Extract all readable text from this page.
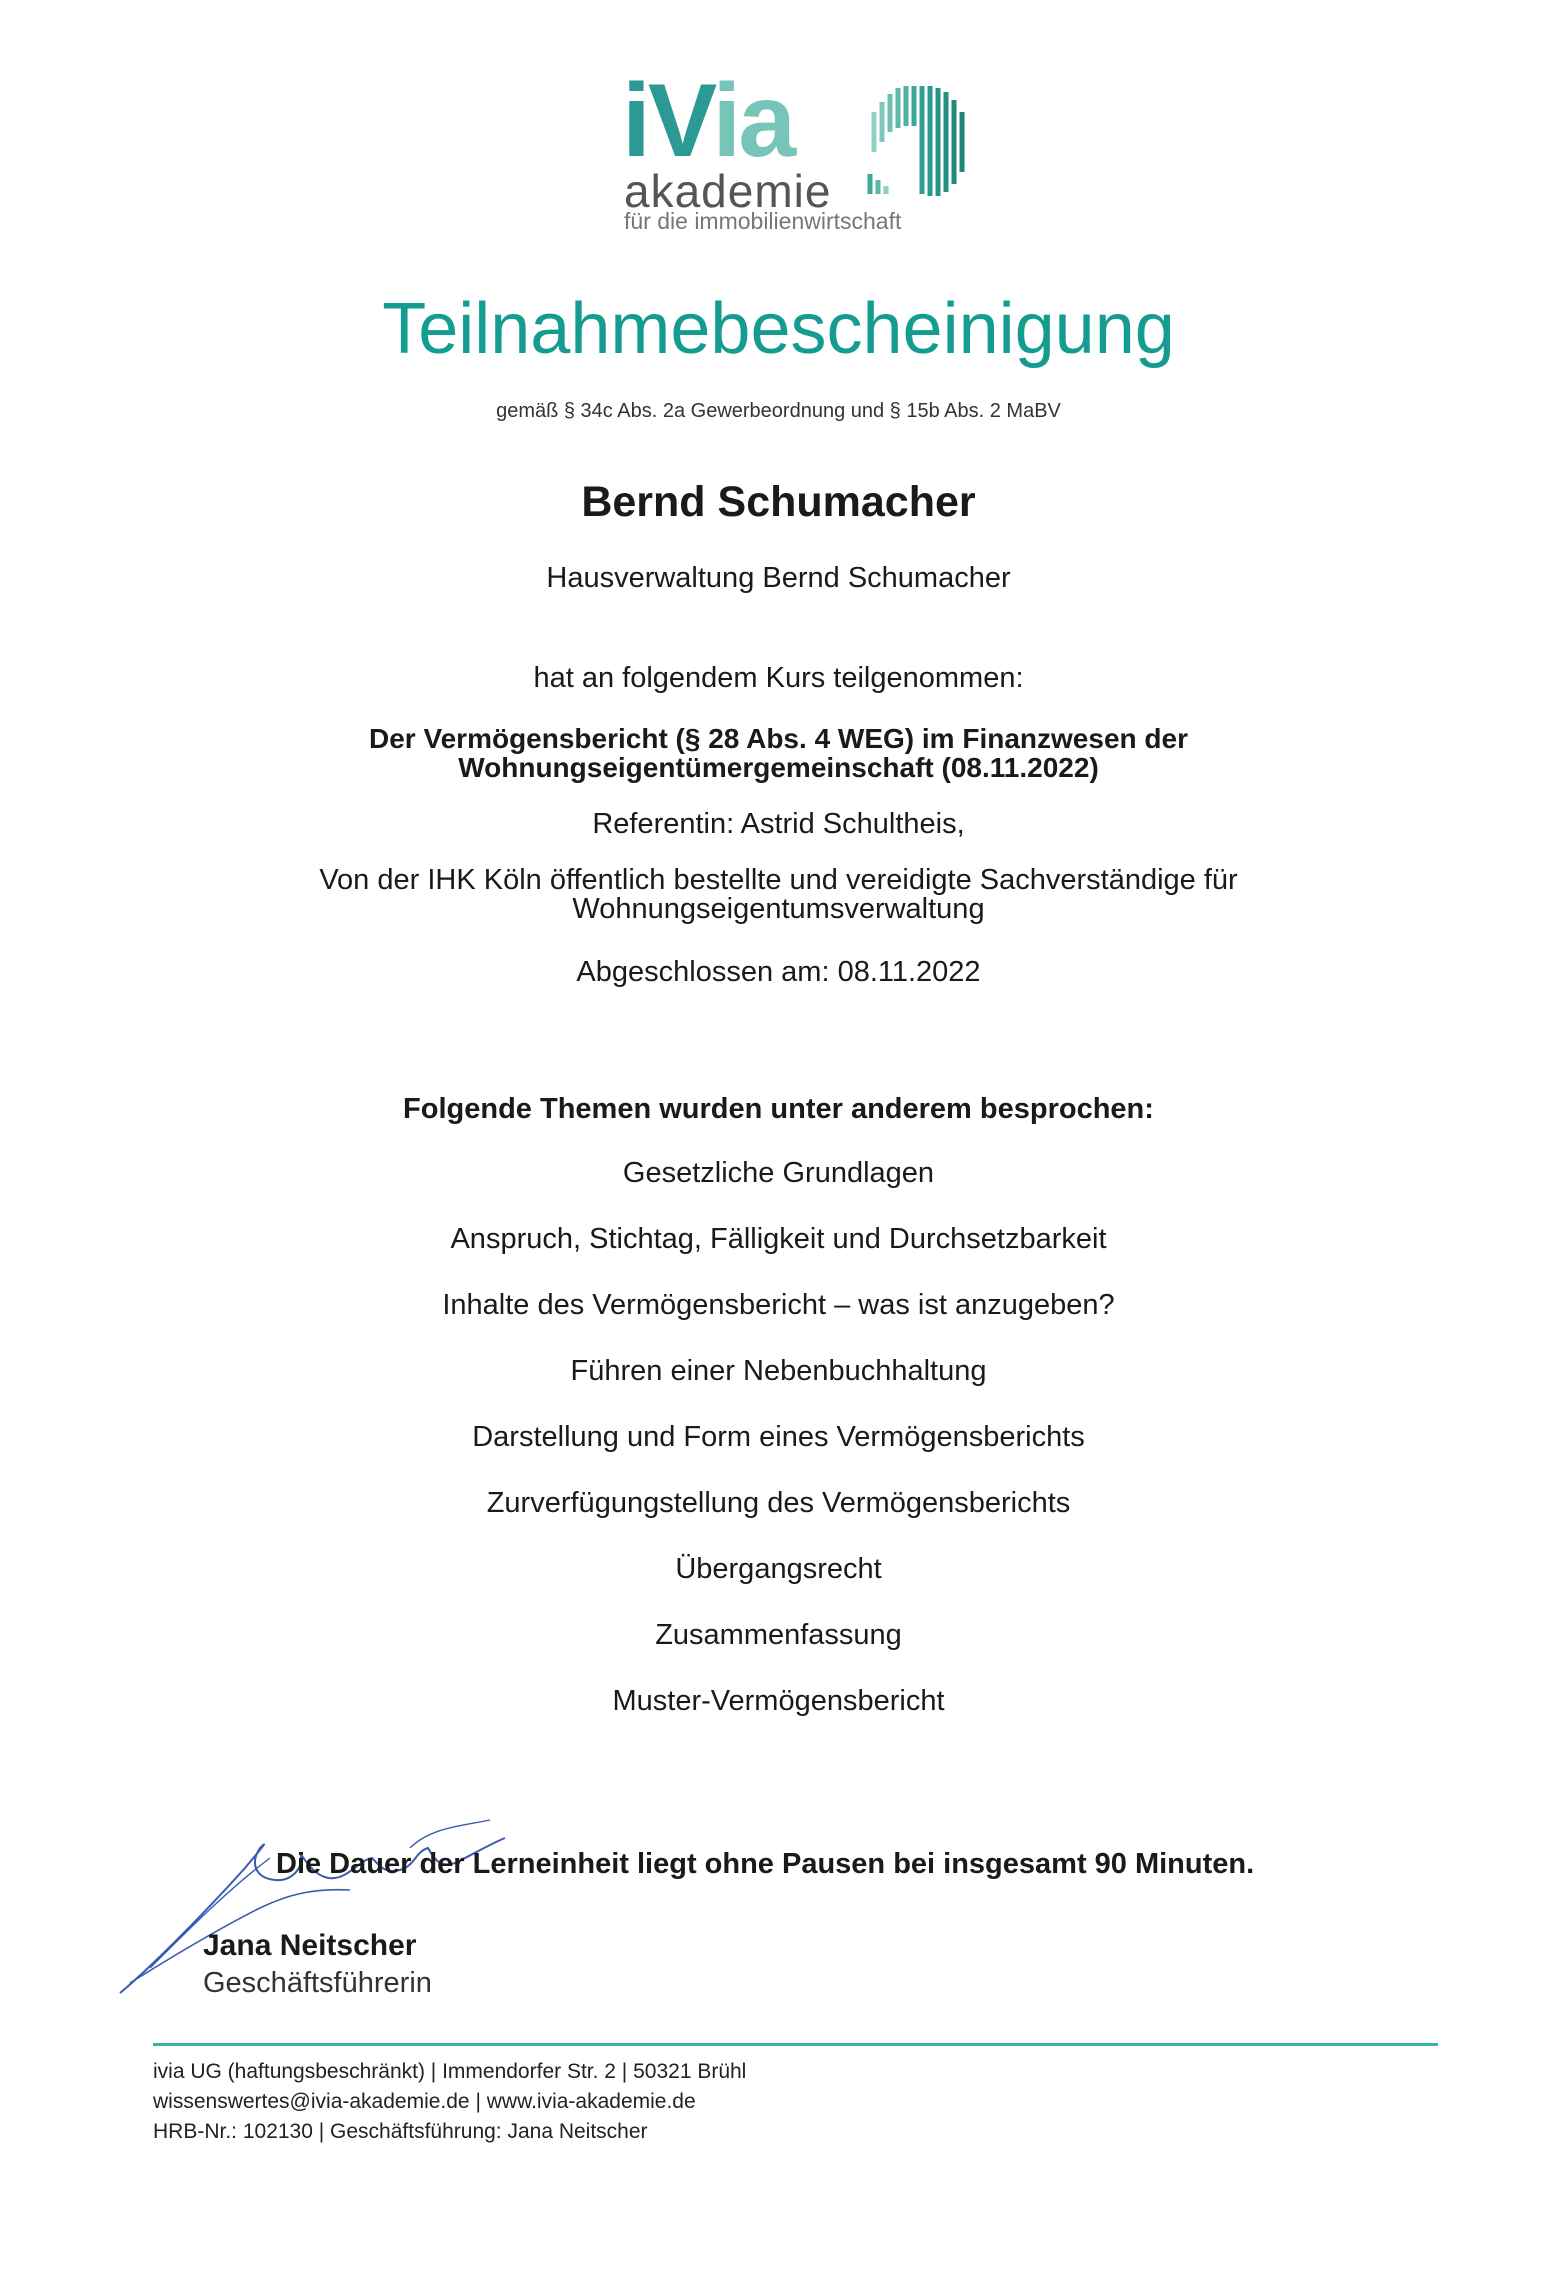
iVia
akademie
für die immobilienwirtschaft
Teilnahmebescheinigung
gemäß § 34c Abs. 2a Gewerbeordnung und § 15b Abs. 2 MaBV
Bernd Schumacher
Hausverwaltung Bernd Schumacher
hat an folgendem Kurs teilgenommen:
Der Vermögensbericht (§ 28 Abs. 4 WEG) im Finanzwesen der
Wohnungseigentümergemeinschaft (08.11.2022)
Referentin: Astrid Schultheis,
Von der IHK Köln öffentlich bestellte und vereidigte Sachverständige für
Wohnungseigentumsverwaltung
Abgeschlossen am: 08.11.2022
Folgende Themen wurden unter anderem besprochen:
Gesetzliche Grundlagen
Anspruch, Stichtag, Fälligkeit und Durchsetzbarkeit
Inhalte des Vermögensbericht – was ist anzugeben?
Führen einer Nebenbuchhaltung
Darstellung und Form eines Vermögensberichts
Zurverfügungstellung des Vermögensberichts
Übergangsrecht
Zusammenfassung
Muster-Vermögensbericht
Die Dauer der Lerneinheit liegt ohne Pausen bei insgesamt 90 Minuten.
Jana Neitscher
Geschäftsführerin
ivia UG (haftungsbeschränkt) | Immendorfer Str. 2 | 50321 Brühl
wissenswertes@ivia-akademie.de | www.ivia-akademie.de
HRB-Nr.: 102130 | Geschäftsführung: Jana Neitscher
